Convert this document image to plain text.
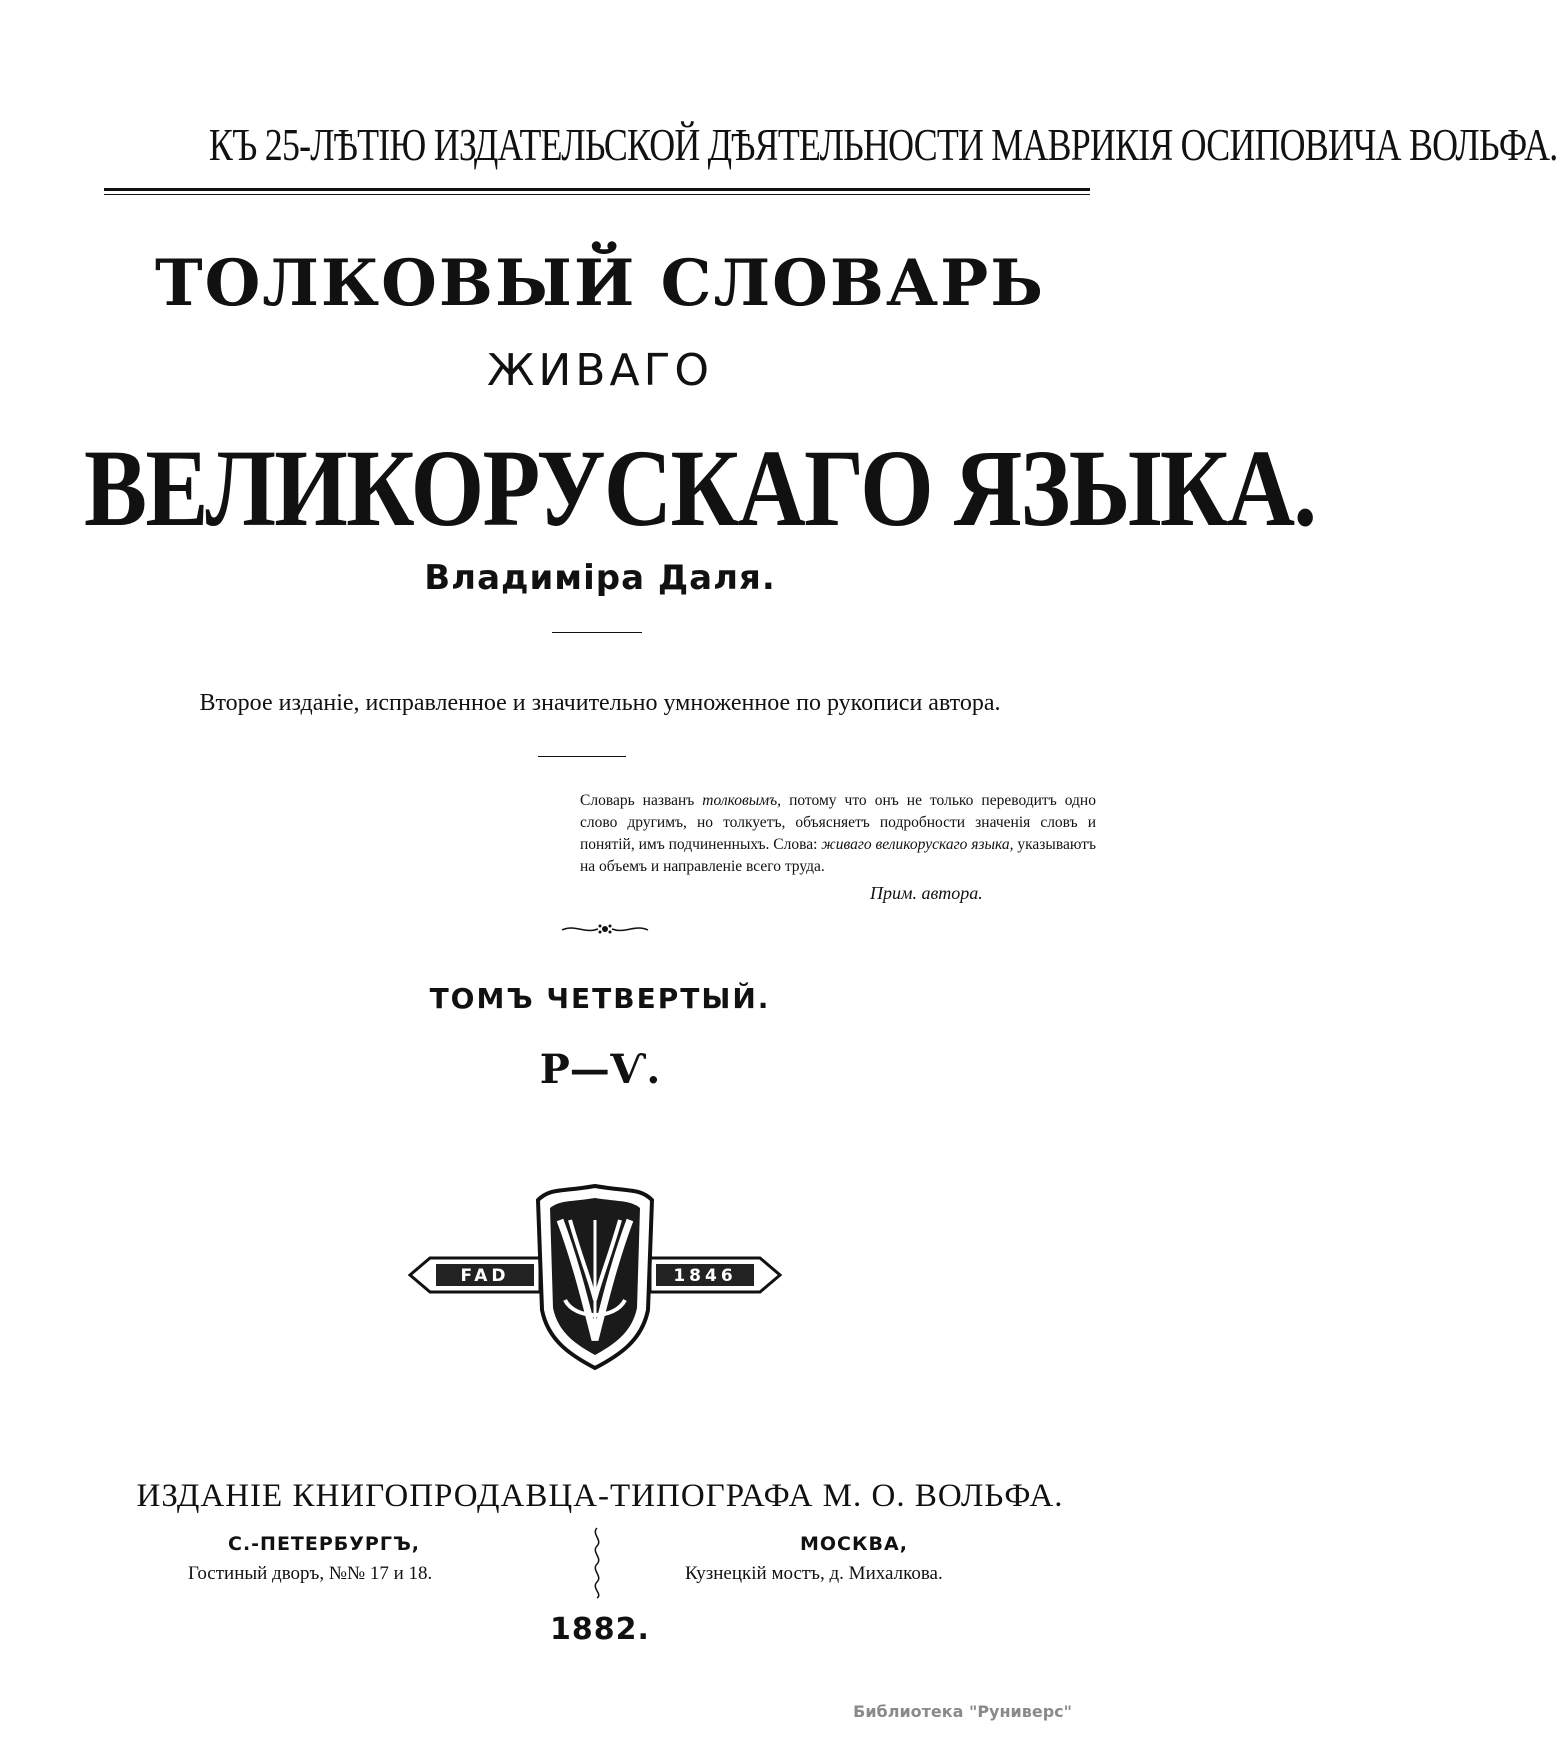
КЪ 25-ЛѢТІЮ ИЗДАТЕЛЬСКОЙ ДѢЯТЕЛЬНОСТИ МАВРИКІЯ ОСИПОВИЧА ВОЛЬФА.
ТОЛКОВЫЙ СЛОВАРЬ
ЖИВАГО
ВЕЛИКОРУСКАГО ЯЗЫКА.
Владиміра Даля.
Второе изданіе, исправленное и значительно умноженное по рукописи автора.
Словарь названъ толковымъ, потому что онъ не только переводитъ одно слово другимъ, но толкуетъ, объясняетъ подробности значенія словъ и понятій, имъ подчиненныхъ. Слова: живаго великорускаго языка, указываютъ на объемъ и направленіе всего труда.
Прим. автора.
ТОМЪ ЧЕТВЕРТЫЙ.
Р—Ѵ.
FAD	1846
ИЗДАНІЕ КНИГОПРОДАВЦА-ТИПОГРАФА М. О. ВОЛЬФА.
С.-ПЕТЕРБУРГЪ,
Гостиный дворъ, №№ 17 и 18.
МОСКВА,
Кузнецкій мостъ, д. Михалкова.
1882.
Библиотека "Руниверс"
